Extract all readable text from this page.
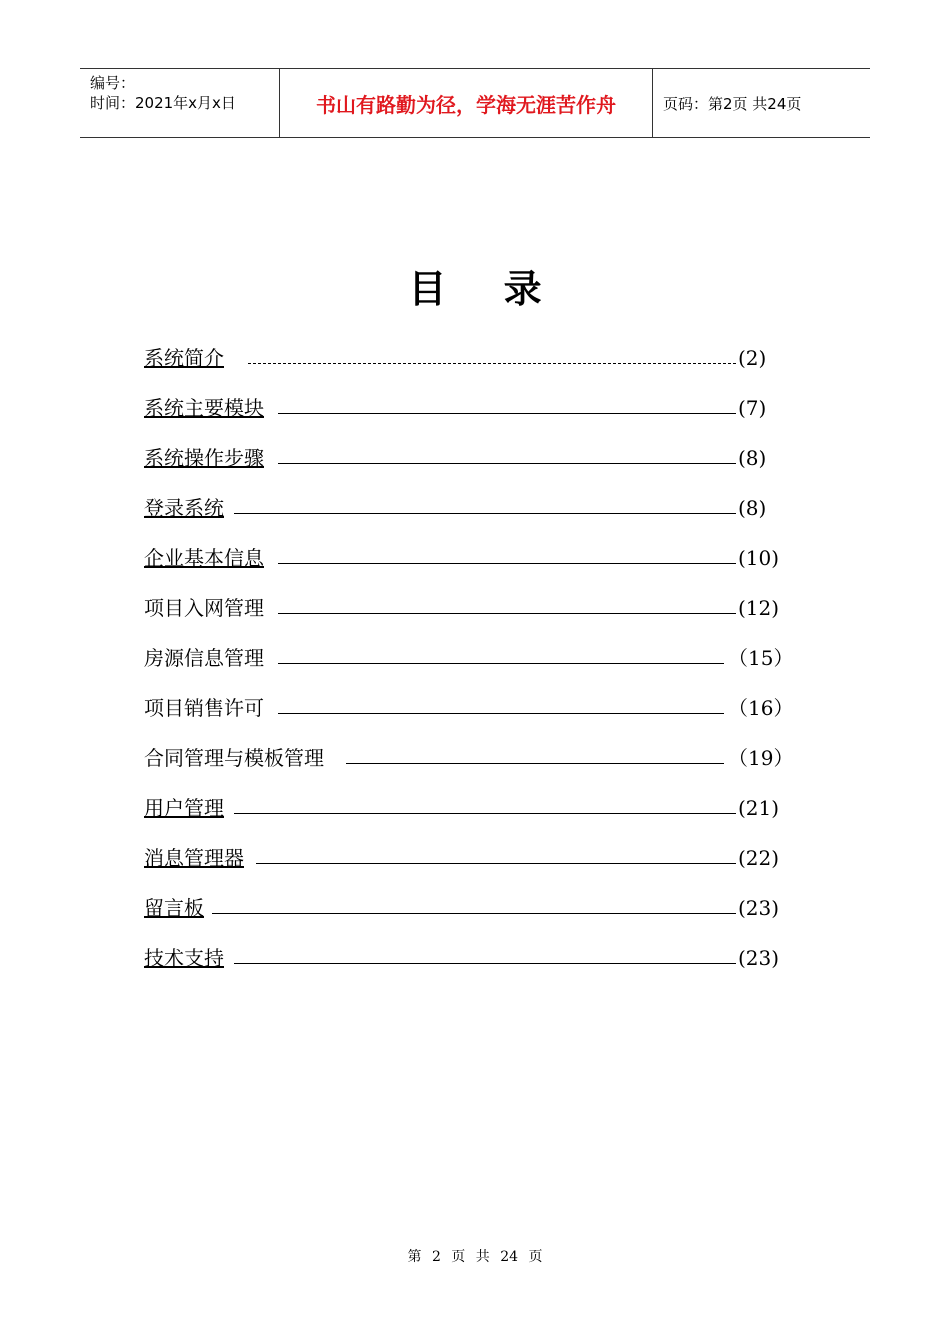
编号：
时间：2021年x月x日	书山有路勤为径，学海无涯苦作舟	页码：第2页 共24页
目 录
系统简介	(2)
系统主要模块	(7)
系统操作步骤	(8)
登录系统	(8)
企业基本信息	(10)
项目入网管理	(12)
房源信息管理	（15）
项目销售许可	（16）
合同管理与模板管理	（19）
用户管理	(21)
消息管理器	(22)
留言板	(23)
技术支持	(23)
第 2 页 共 24 页
